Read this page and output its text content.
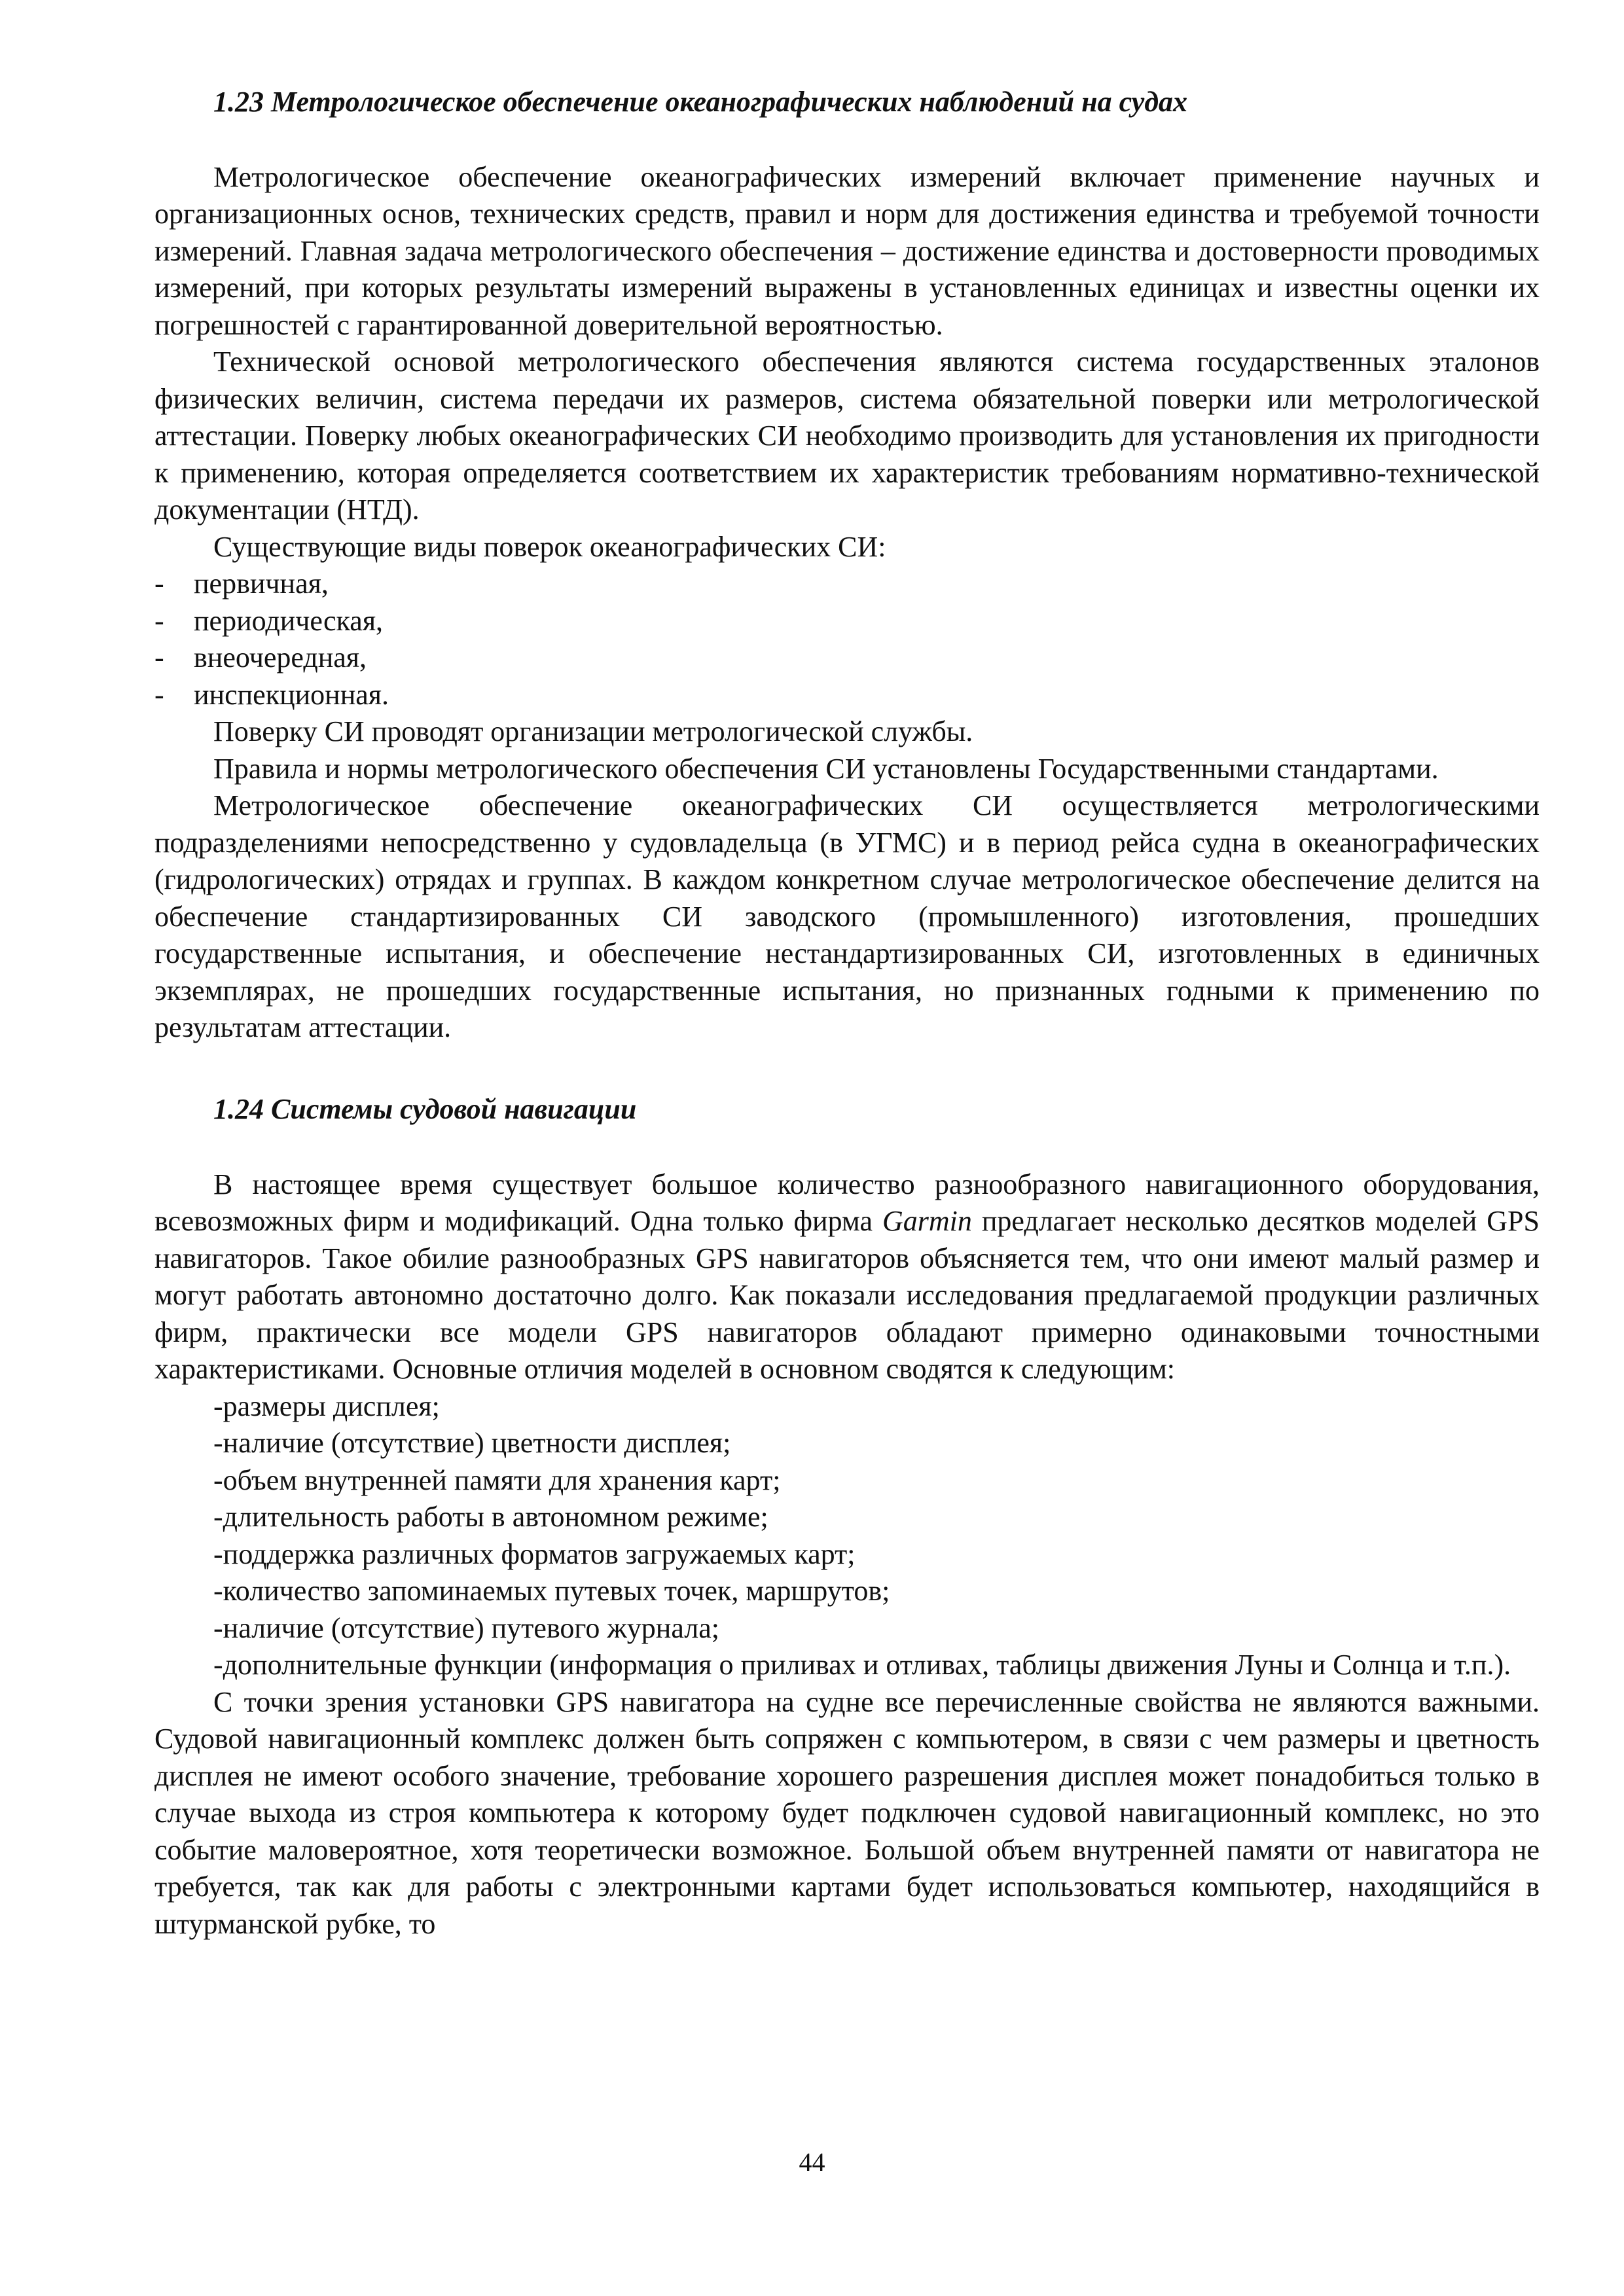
1.23 Метрологическое обеспечение океанографических наблюдений на судах

Метрологическое обеспечение океанографических измерений включает применение научных и организационных основ, технических средств, правил и норм для достижения единства и требуемой точности измерений. Главная задача метрологического обеспечения – достижение единства и достоверности проводимых измерений, при которых результаты измерений выражены в установленных единицах и известны оценки их погрешностей с гарантированной доверительной вероятностью.

Технической основой метрологического обеспечения являются система государственных эталонов физических величин, система передачи их размеров, система обязательной поверки или метрологической аттестации. Поверку любых океанографических СИ необходимо производить для установления их пригодности к применению, которая определяется соответствием их характеристик требованиям нормативно-технической документации (НТД).

Существующие виды поверок океанографических СИ:

- первичная,
- периодическая,
- внеочередная,
- инспекционная.

Поверку СИ проводят организации метрологической службы.

Правила и нормы метрологического обеспечения СИ установлены Государственными стандартами.

Метрологическое обеспечение океанографических СИ осуществляется метрологическими подразделениями непосредственно у судовладельца (в УГМС) и в период рейса судна в океанографических (гидрологических) отрядах и группах. В каждом конкретном случае метрологическое обеспечение делится на обеспечение стандартизированных СИ заводского (промышленного) изготовления, прошедших государственные испытания, и обеспечение нестандартизированных СИ, изготовленных в единичных экземплярах, не прошедших государственные испытания, но признанных годными к применению по результатам аттестации.

1.24 Системы судовой навигации

В настоящее время существует большое количество разнообразного навигационного оборудования, всевозможных фирм и модификаций. Одна только фирма Garmin предлагает несколько десятков моделей GPS навигаторов. Такое обилие разнообразных GPS навигаторов объясняется тем, что они имеют малый размер и могут работать автономно достаточно долго. Как показали исследования предлагаемой продукции различных фирм, практически все модели GPS навигаторов обладают примерно одинаковыми точностными характеристиками. Основные отличия моделей в основном сводятся к следующим:

-размеры дисплея;

-наличие (отсутствие) цветности дисплея;

-объем внутренней памяти для хранения карт;

-длительность работы в автономном режиме;

-поддержка различных форматов загружаемых карт;

-количество запоминаемых путевых точек, маршрутов;

-наличие (отсутствие) путевого журнала;

-дополнительные функции (информация о приливах и отливах, таблицы движения Луны и Солнца и т.п.).

С точки зрения установки GPS навигатора на судне все перечисленные свойства не являются важными. Судовой навигационный комплекс должен быть сопряжен с компьютером, в связи с чем размеры и цветность дисплея не имеют особого значение, требование хорошего разрешения дисплея может понадобиться только в случае выхода из строя компьютера к которому будет подключен судовой навигационный комплекс, но это событие маловероятное, хотя теоретически возможное. Большой объем внутренней памяти от навигатора не требуется, так как для работы с электронными картами будет использоваться компьютер, находящийся в штурманской рубке, то

44
